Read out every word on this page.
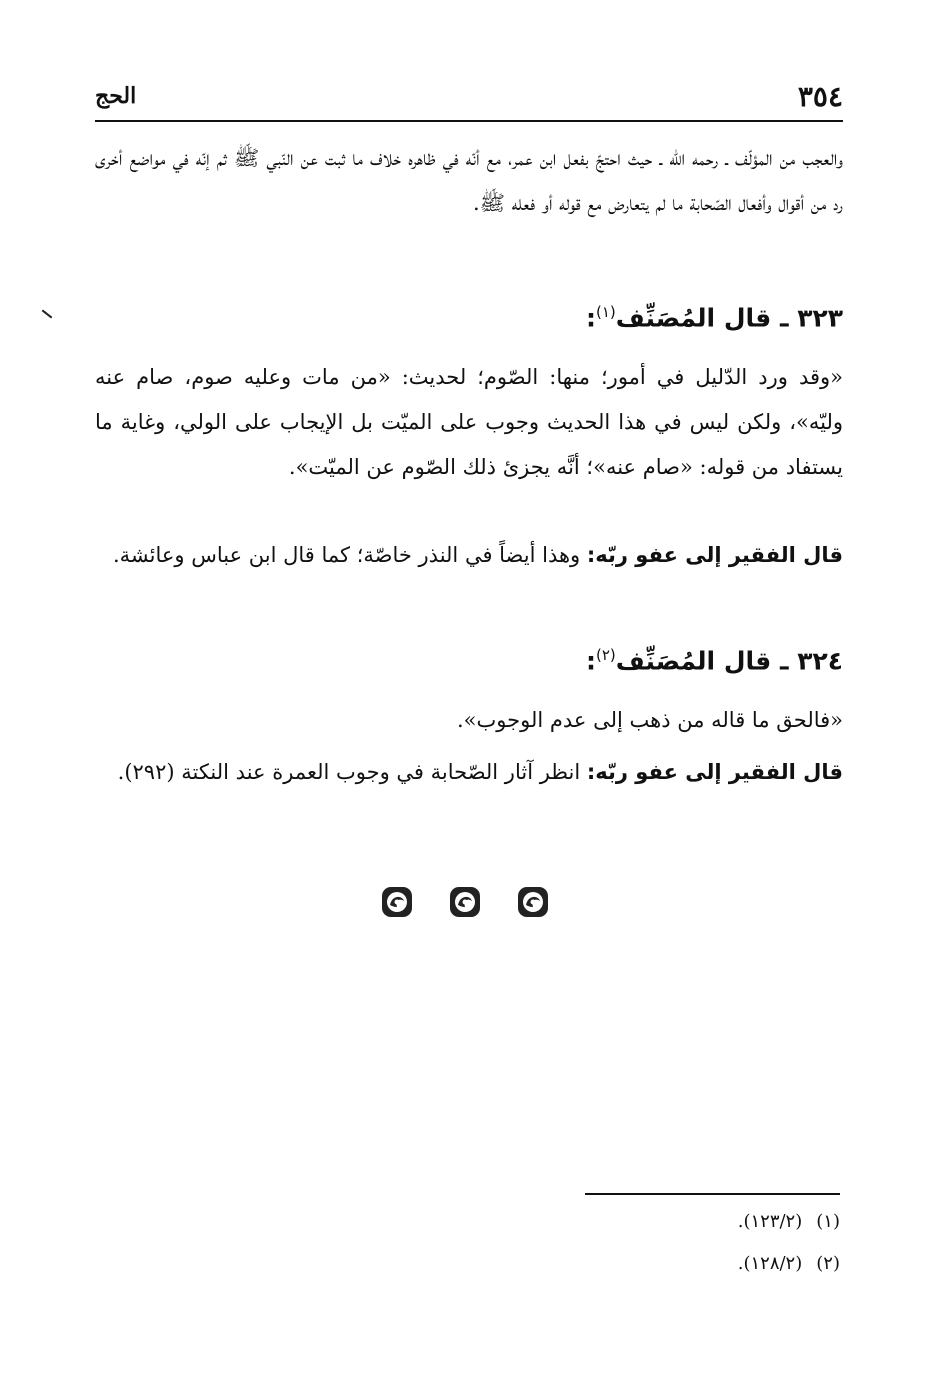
٣٥٤
الحج
والعجب من المؤلّف ـ رحمه الله ـ حيث احتجّ بفعل ابن عمر، مع أنّه في ظاهره خلاف ما ثبت عن النّبي ﷺ ثم إنّه في مواضع أخرى رد من أقوال وأفعال الصّحابة ما لم يتعارض مع قوله أو فعله ﷺ.
٣٢٣ ـ قال المُصَنِّف$^{(١)}$:
«وقد ورد الدّليل في أمور؛ منها: الصّوم؛ لحديث: «من مات وعليه صوم، صام عنه وليّه»، ولكن ليس في هذا الحديث وجوب على الميّت بل الإيجاب على الولي، وغاية ما يستفاد من قوله: «صام عنه»؛ أنَّه يجزئ ذلك الصّوم عن الميّت».
قال الفقير إلى عفو ربّه: وهذا أيضاً في النذر خاصّة؛ كما قال ابن عباس وعائشة.
٣٢٤ ـ قال المُصَنِّف$^{(٢)}$:
«فالحق ما قاله من ذهب إلى عدم الوجوب».
قال الفقير إلى عفو ربّه: انظر آثار الصّحابة في وجوب العمرة عند النكتة (٢٩٢).
(١)(١٢٣/٢).
(٢)(١٢٨/٢).
